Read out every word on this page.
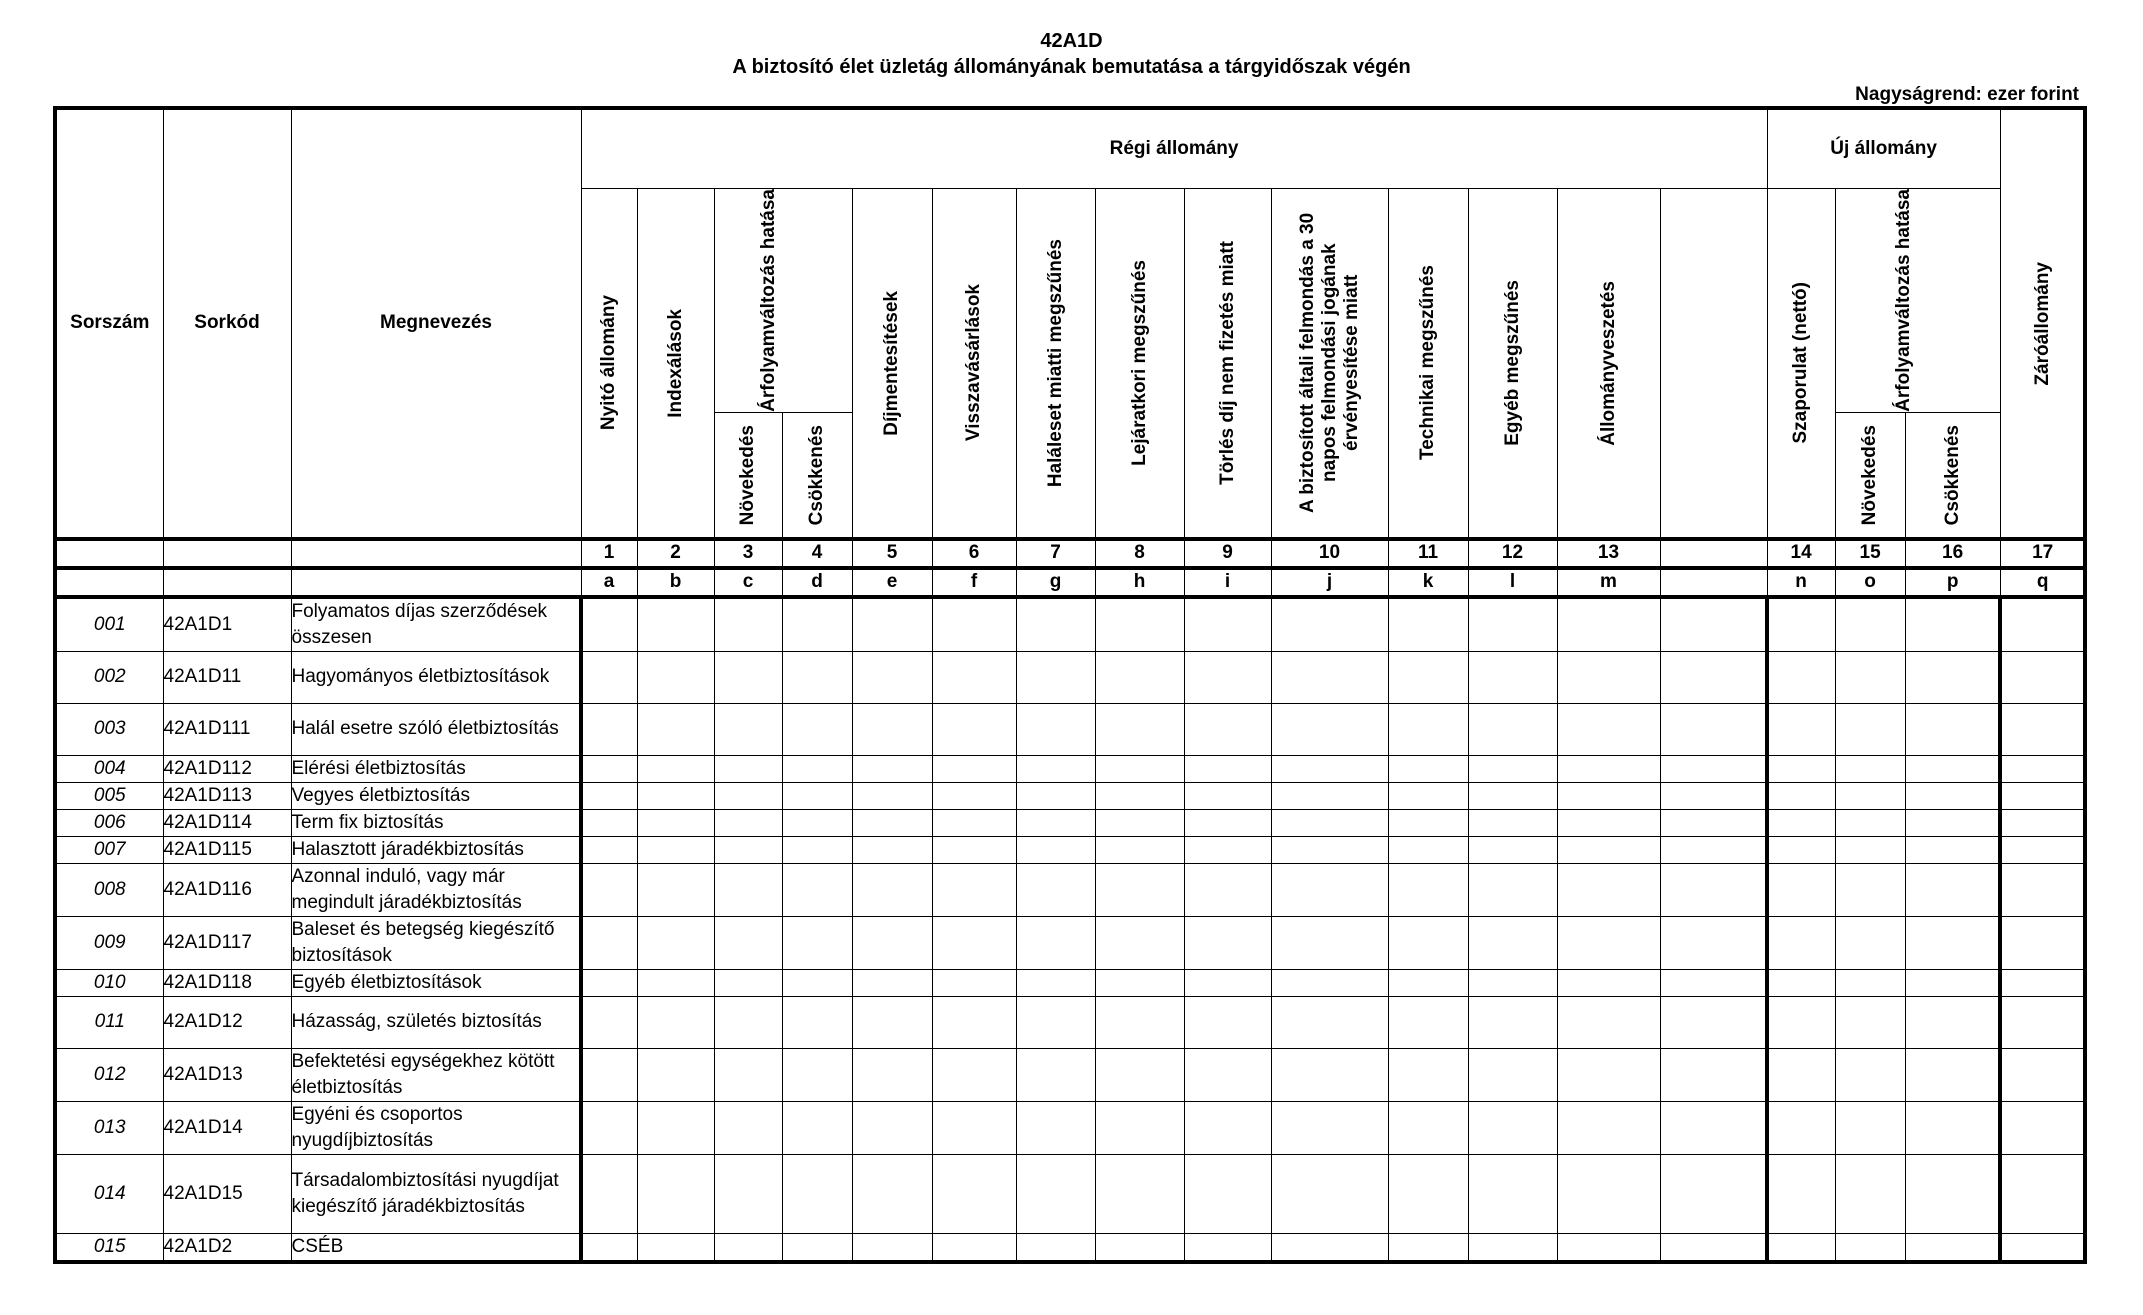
42A1D
A biztosító élet üzletág állományának bemutatása a tárgyidőszak végén
Nagyságrend: ezer forint
Sorszám	Sorkód	Megnevezés	Régi állomány														Új állomány			Záróállomány

			Nyitó állomány	Indexálások	Árfolyamváltozás hatása		Díjmentesítések	Visszavásárlások	Haláleset miatti megszűnés	Lejáratkori megszűnés	Törlés díj nem fizetés miatt	A biztosított általi felmondás a 30 napos felmondási jogának érvényesítése miatt	Technikai megszűnés	Egyéb megszűnés	Állományveszetés		Szaporulat (nettó)	Árfolyamváltozás hatása			

					Növekedés	Csökkenés												Növekedés	Csökkenés		

			1	2	3	4	5	6	7	8	9	10	11	12	13		14	15	16	17	
			a	b	c	d	e	f	g	h	i	j	k	l	m		n	o	p	q	
001	42A1D1	Folyamatos díjas szerződések összesen																			
002	42A1D11	Hagyományos életbiztosítások																			
003	42A1D111	Halál esetre szóló életbiztosítás																			
004	42A1D112	Elérési életbiztosítás																			
005	42A1D113	Vegyes életbiztosítás																			
006	42A1D114	Term fix biztosítás																			
007	42A1D115	Halasztott járadékbiztosítás																			
008	42A1D116	Azonnal induló, vagy már megindult járadékbiztosítás																			
009	42A1D117	Baleset és betegség kiegészítő biztosítások																			
010	42A1D118	Egyéb életbiztosítások																			
011	42A1D12	Házasság, születés biztosítás																			
012	42A1D13	Befektetési egységekhez kötött életbiztosítás																			
013	42A1D14	Egyéni és csoportos nyugdíjbiztosítás																			
014	42A1D15	Társadalombiztosítási nyugdíjat kiegészítő járadékbiztosítás																			
015	42A1D2	CSÉB																			
